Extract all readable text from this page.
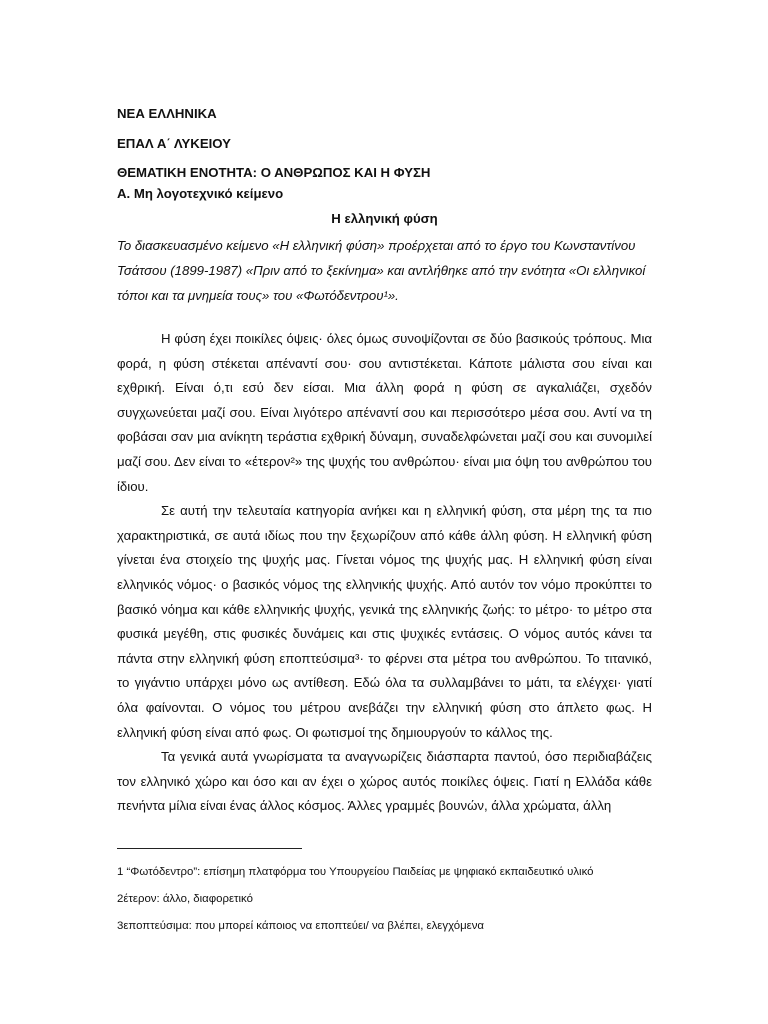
ΝΕΑ ΕΛΛΗΝΙΚΑ
ΕΠΑΛ Α΄ ΛΥΚΕΙΟΥ
ΘΕΜΑΤΙΚΗ ΕΝΟΤΗΤΑ: Ο ΑΝΘΡΩΠΟΣ ΚΑΙ Η ΦΥΣΗ
Α. Μη λογοτεχνικό κείμενο
Η ελληνική φύση
Το διασκευασμένο κείμενο «Η ελληνική φύση» προέρχεται από το έργο του Κωνσταντίνου Τσάτσου (1899-1987) «Πριν από το ξεκίνημα» και αντλήθηκε από την ενότητα «Οι ελληνικοί τόποι και τα μνημεία τους» του «Φωτόδεντρου¹».

Η φύση έχει ποικίλες όψεις· όλες όμως συνοψίζονται σε δύο βασικούς τρόπους. Μια φορά, η φύση στέκεται απέναντί σου· σου αντιστέκεται. Κάποτε μάλιστα σου είναι και εχθρική. Είναι ό,τι εσύ δεν είσαι. Μια άλλη φορά η φύση σε αγκαλιάζει, σχεδόν συγχωνεύεται μαζί σου. Είναι λιγότερο απέναντί σου και περισσότερο μέσα σου. Αντί να τη φοβάσαι σαν μια ανίκητη τεράστια εχθρική δύναμη, συναδελφώνεται μαζί σου και συνομιλεί μαζί σου. Δεν είναι το «έτερον²» της ψυχής του ανθρώπου· είναι μια όψη του ανθρώπου του ίδιου.

Σε αυτή την τελευταία κατηγορία ανήκει και η ελληνική φύση, στα μέρη της τα πιο χαρακτηριστικά, σε αυτά ιδίως που την ξεχωρίζουν από κάθε άλλη φύση. Η ελληνική φύση γίνεται ένα στοιχείο της ψυχής μας. Γίνεται νόμος της ψυχής μας. Η ελληνική φύση είναι ελληνικός νόμος· ο βασικός νόμος της ελληνικής ψυχής. Από αυτόν τον νόμο προκύπτει το βασικό νόημα και κάθε ελληνικής ψυχής, γενικά της ελληνικής ζωής: το μέτρο· το μέτρο στα φυσικά μεγέθη, στις φυσικές δυνάμεις και στις ψυχικές εντάσεις. Ο νόμος αυτός κάνει τα πάντα στην ελληνική φύση εποπτεύσιμα³· το φέρνει στα μέτρα του ανθρώπου. Το τιτανικό, το γιγάντιο υπάρχει μόνο ως αντίθεση. Εδώ όλα τα συλλαμβάνει το μάτι, τα ελέγχει· γιατί όλα φαίνονται. Ο νόμος του μέτρου ανεβάζει την ελληνική φύση στο άπλετο φως. Η ελληνική φύση είναι από φως. Οι φωτισμοί της δημιουργούν το κάλλος της.

Τα γενικά αυτά γνωρίσματα τα αναγνωρίζεις διάσπαρτα παντού, όσο περιδιαβάζεις τον ελληνικό χώρο και όσο και αν έχει ο χώρος αυτός ποικίλες όψεις. Γιατί η Ελλάδα κάθε πενήντα μίλια είναι ένας άλλος κόσμος. Άλλες γραμμές βουνών, άλλα χρώματα, άλλη

1 “Φωτόδεντρο”: επίσημη πλατφόρμα του Υπουργείου Παιδείας με ψηφιακό εκπαιδευτικό υλικό
2έτερον: άλλο, διαφορετικό
3εποπτεύσιμα: που μπορεί κάποιος να εποπτεύει/ να βλέπει, ελεγχόμενα
